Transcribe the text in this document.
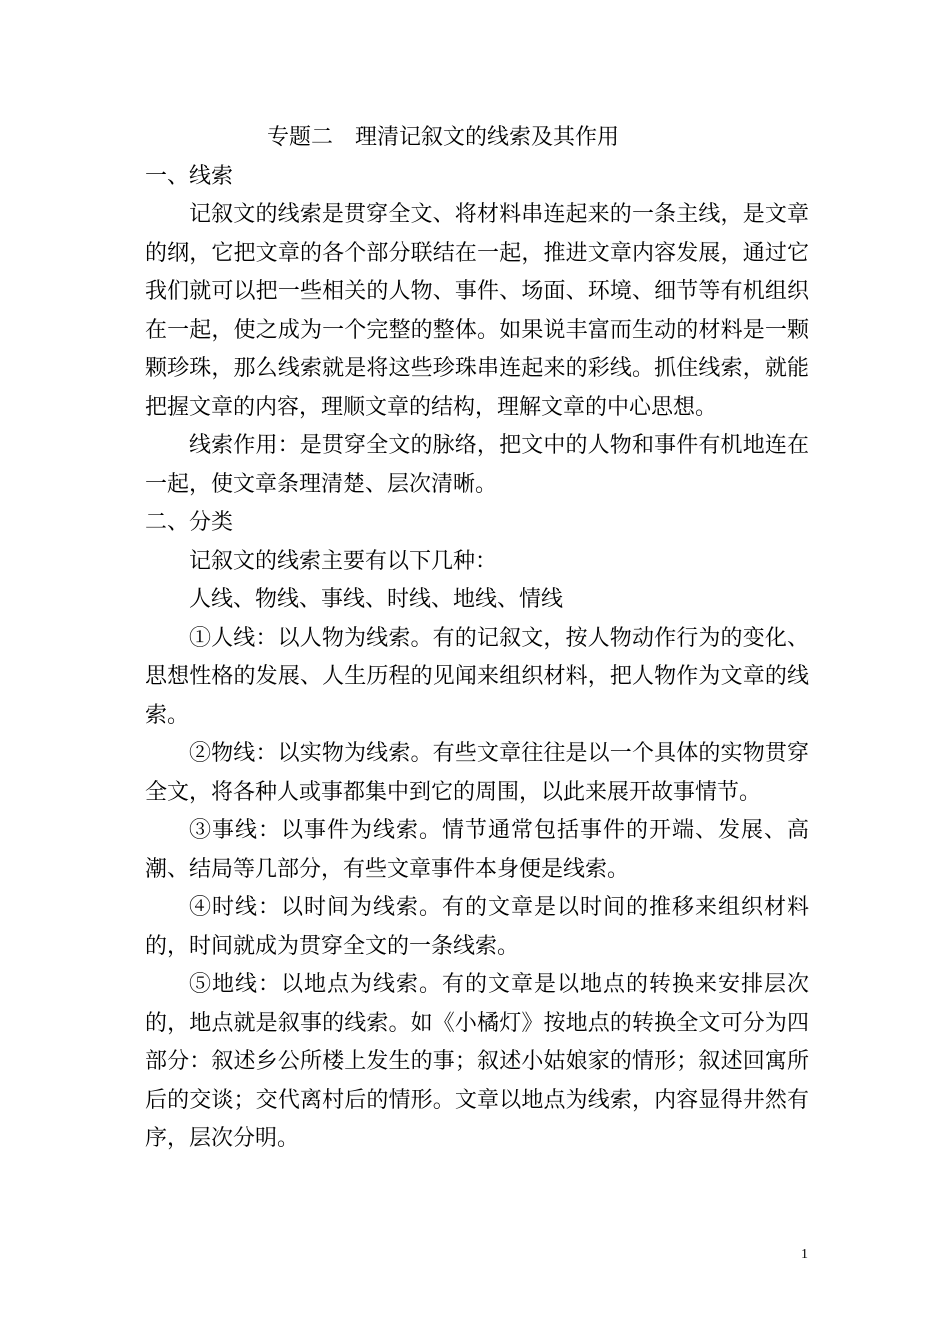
专题二　理清记叙文的线索及其作用

一、线索

记叙文的线索是贯穿全文、将材料串连起来的一条主线，是文章的纲，它把文章的各个部分联结在一起，推进文章内容发展，通过它我们就可以把一些相关的人物、事件、场面、环境、细节等有机组织在一起，使之成为一个完整的整体。如果说丰富而生动的材料是一颗颗珍珠，那么线索就是将这些珍珠串连起来的彩线。抓住线索，就能把握文章的内容，理顺文章的结构，理解文章的中心思想。

线索作用：是贯穿全文的脉络，把文中的人物和事件有机地连在一起，使文章条理清楚、层次清晰。

二、分类

记叙文的线索主要有以下几种：

人线、物线、事线、时线、地线、情线

①人线：以人物为线索。有的记叙文，按人物动作行为的变化、思想性格的发展、人生历程的见闻来组织材料，把人物作为文章的线索。

②物线：以实物为线索。有些文章往往是以一个具体的实物贯穿全文，将各种人或事都集中到它的周围，以此来展开故事情节。

③事线：以事件为线索。情节通常包括事件的开端、发展、高潮、结局等几部分，有些文章事件本身便是线索。

④时线：以时间为线索。有的文章是以时间的推移来组织材料的，时间就成为贯穿全文的一条线索。

⑤地线：以地点为线索。有的文章是以地点的转换来安排层次的，地点就是叙事的线索。如《小橘灯》按地点的转换全文可分为四部分：叙述乡公所楼上发生的事；叙述小姑娘家的情形；叙述回寓所后的交谈；交代离村后的情形。文章以地点为线索，内容显得井然有序，层次分明。

1
